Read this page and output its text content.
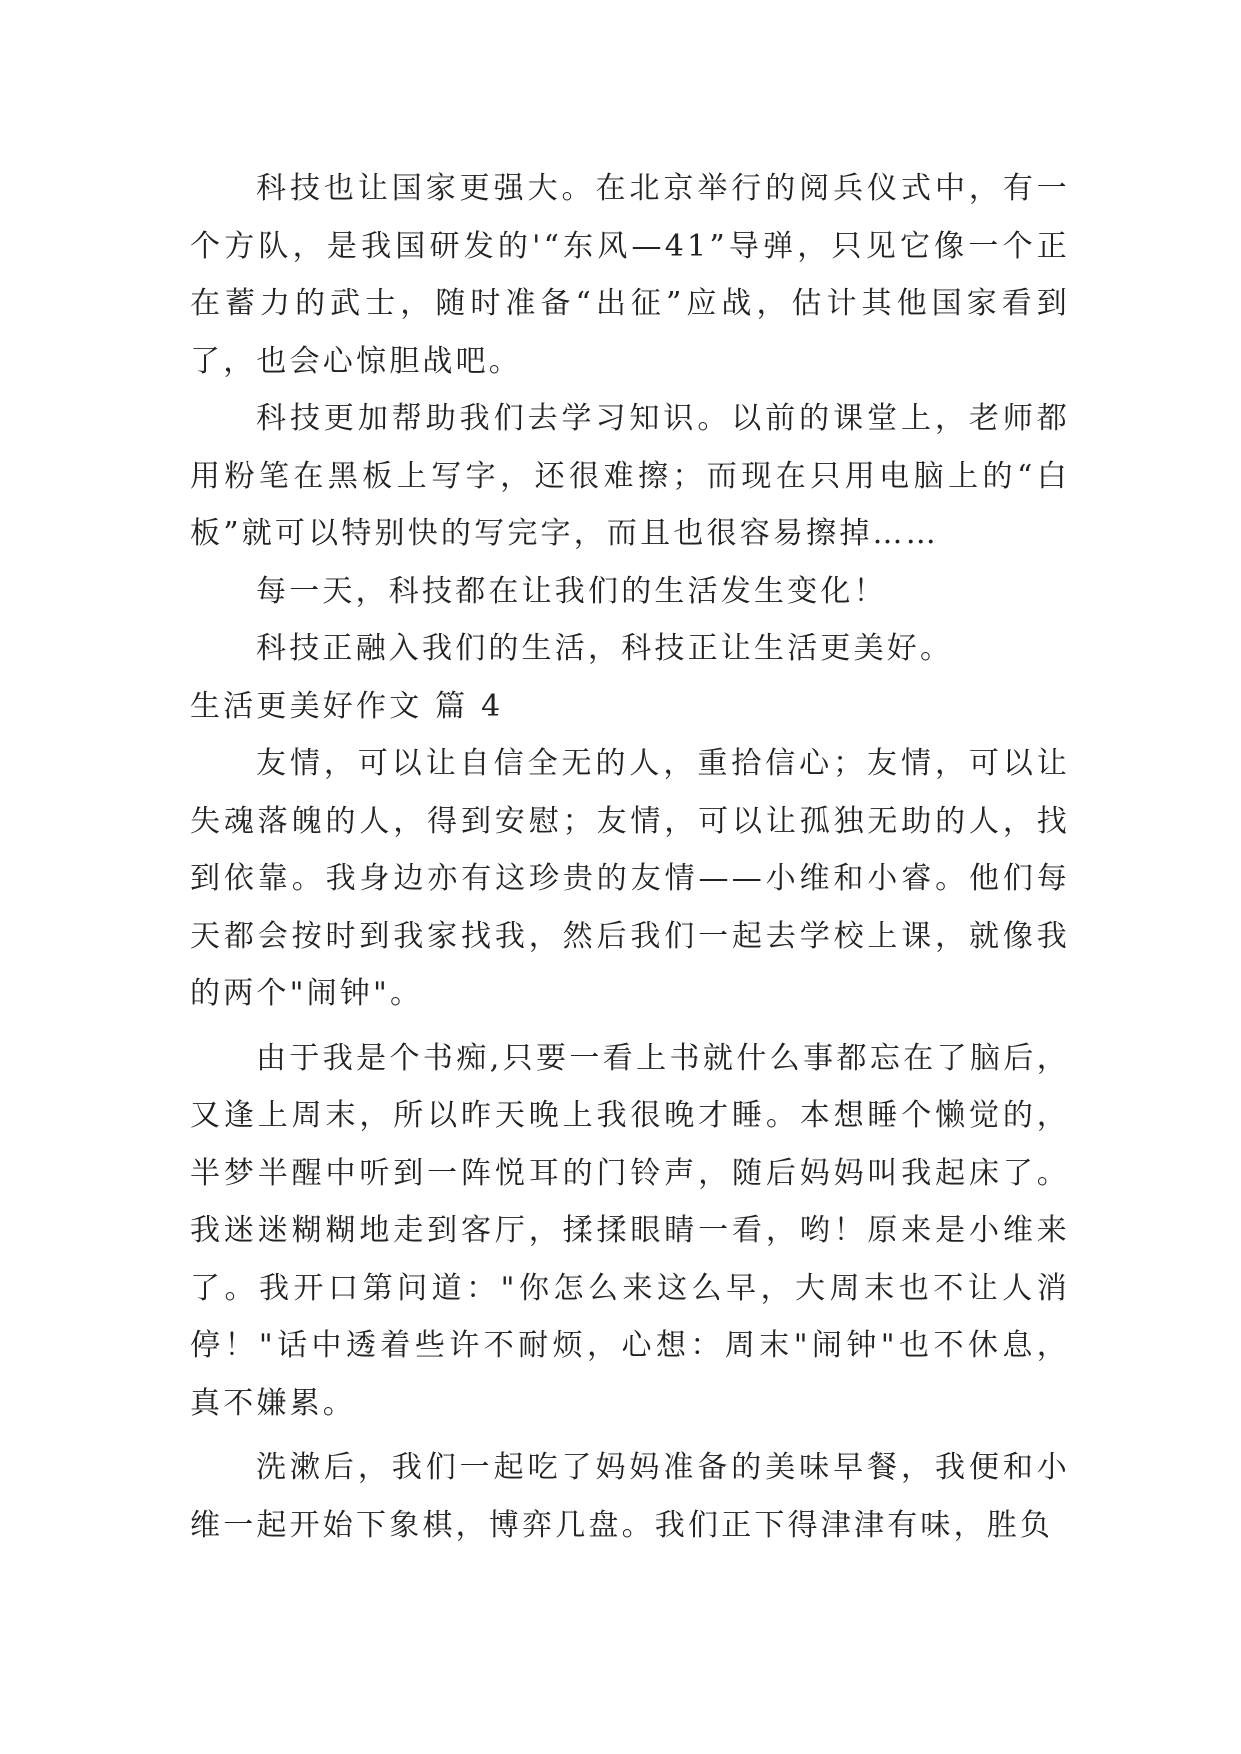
科技也让国家更强大。在北京举行的阅兵仪式中，有一个方队，是我国研发的'“东风—41”导弹，只见它像一个正在蓄力的武士，随时准备“出征”应战，估计其他国家看到了，也会心惊胆战吧。

科技更加帮助我们去学习知识。以前的课堂上，老师都用粉笔在黑板上写字，还很难擦；而现在只用电脑上的“白板”就可以特别快的写完字，而且也很容易擦掉……

每一天，科技都在让我们的生活发生变化！

科技正融入我们的生活，科技正让生活更美好。

生活更美好作文 篇 4

友情，可以让自信全无的人，重拾信心；友情，可以让失魂落魄的人，得到安慰；友情，可以让孤独无助的人，找到依靠。我身边亦有这珍贵的友情——小维和小睿。他们每天都会按时到我家找我，然后我们一起去学校上课，就像我的两个"闹钟"。

由于我是个书痴,只要一看上书就什么事都忘在了脑后，又逢上周末，所以昨天晚上我很晚才睡。本想睡个懒觉的，半梦半醒中听到一阵悦耳的门铃声，随后妈妈叫我起床了。我迷迷糊糊地走到客厅，揉揉眼睛一看，哟！原来是小维来了。我开口第问道："你怎么来这么早，大周末也不让人消停！"话中透着些许不耐烦，心想：周末"闹钟"也不休息，真不嫌累。

洗漱后，我们一起吃了妈妈准备的美味早餐，我便和小维一起开始下象棋，博弈几盘。我们正下得津津有味，胜负
